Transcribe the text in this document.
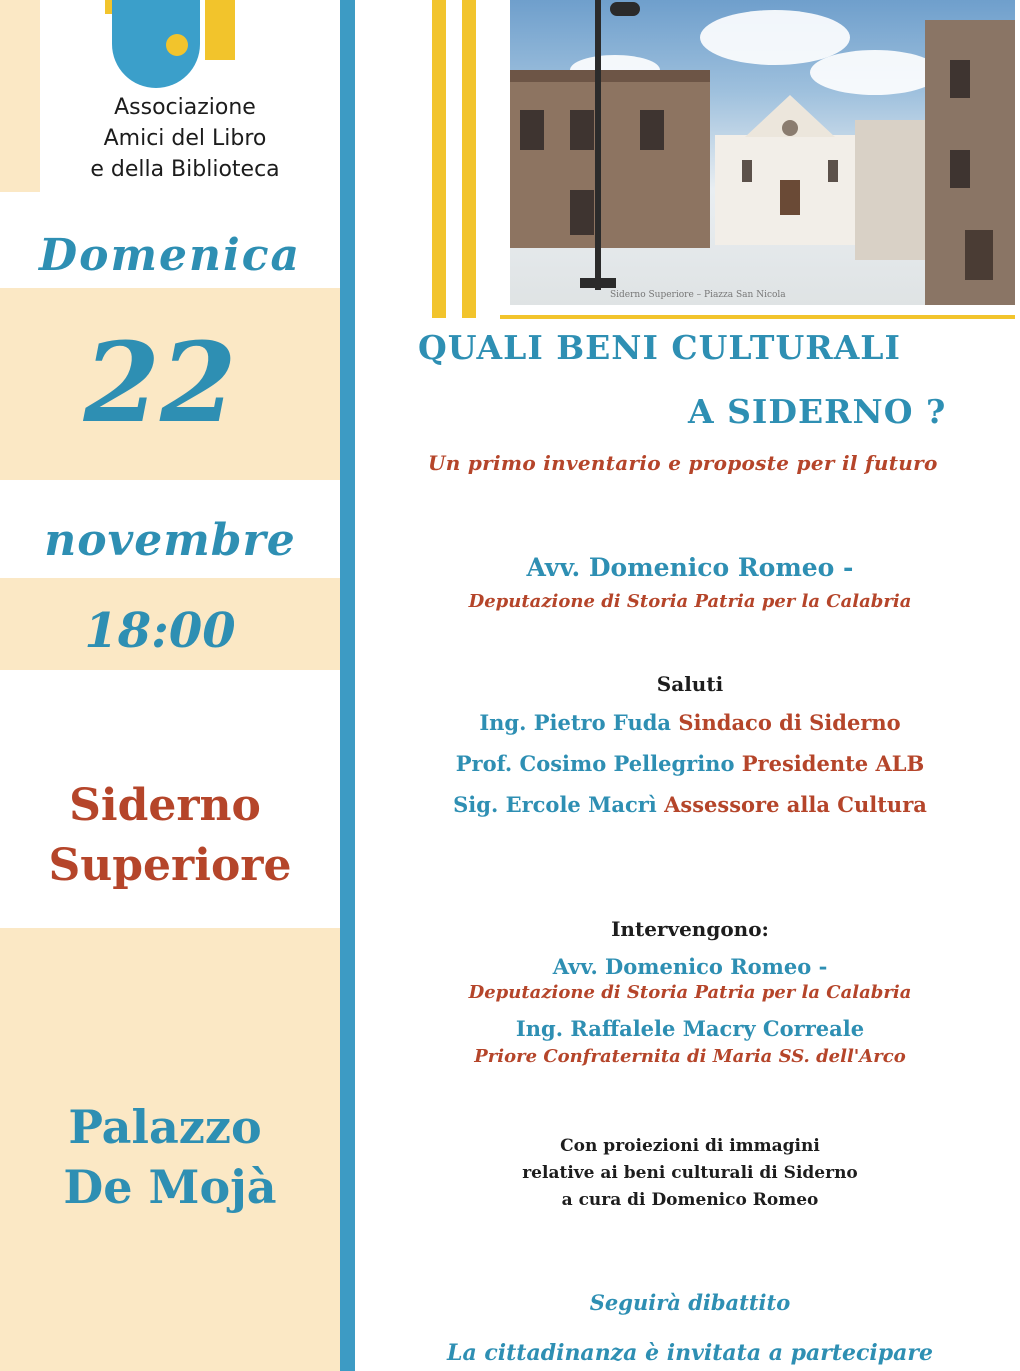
Associazione
Amici del Libro
e della Biblioteca
Domenica
22
novembre
18:00
Siderno
Superiore
Palazzo
De Mojà
Siderno Superiore – Piazza San Nicola
QUALI BENI CULTURALI
A SIDERNO ?
Un primo inventario e proposte per il futuro
Avv. Domenico Romeo -
Deputazione di Storia Patria per la Calabria
Saluti
Ing. Pietro Fuda Sindaco di Siderno
Prof. Cosimo Pellegrino Presidente ALB
Sig. Ercole Macrì Assessore alla Cultura
Intervengono:
Avv. Domenico Romeo -
Deputazione di Storia Patria per la Calabria
Ing. Raffalele Macry Correale
Priore Confraternita di Maria SS. dell'Arco
Con proiezioni di immagini
relative ai beni culturali di Siderno
a cura di Domenico Romeo
Seguirà dibattito
La cittadinanza è invitata a partecipare
